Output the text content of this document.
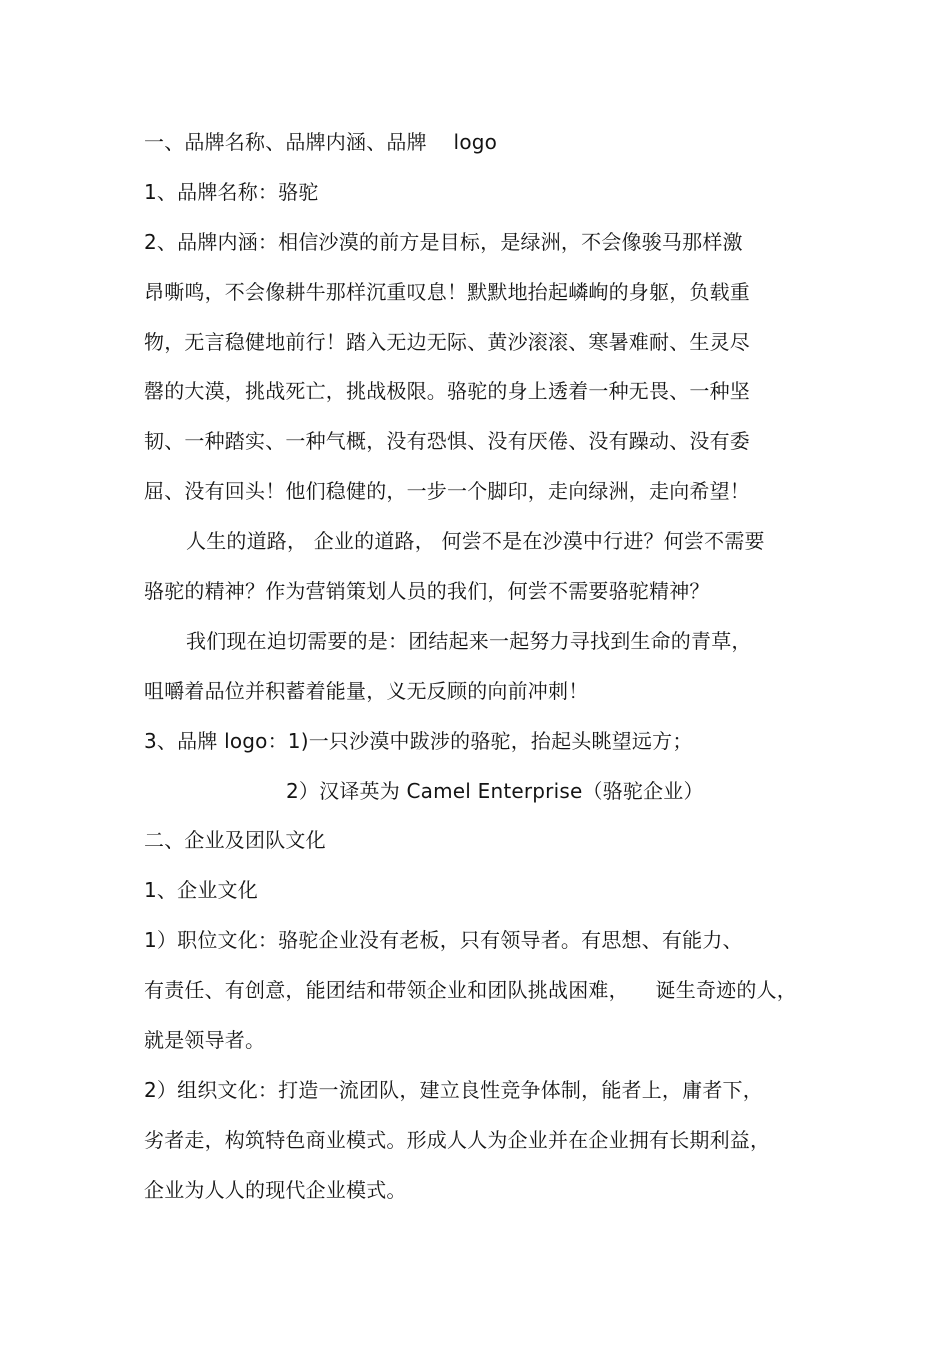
一、品牌名称、品牌内涵、品牌 　logo
1、品牌名称：骆驼
2、品牌内涵：相信沙漠的前方是目标，是绿洲，不会像骏马那样激
昂嘶鸣，不会像耕牛那样沉重叹息！默默地抬起嶙峋的身躯，负载重
物，无言稳健地前行！踏入无边无际、黄沙滚滚、寒暑难耐、生灵尽
罄的大漠，挑战死亡，挑战极限。骆驼的身上透着一种无畏、一种坚
韧、一种踏实、一种气概，没有恐惧、没有厌倦、没有躁动、没有委
屈、没有回头！他们稳健的，一步一个脚印，走向绿洲，走向希望！
人生的道路， 企业的道路， 何尝不是在沙漠中行进？何尝不需要
骆驼的精神？作为营销策划人员的我们，何尝不需要骆驼精神？
我们现在迫切需要的是：团结起来一起努力寻找到生命的青草，
咀嚼着品位并积蓄着能量，义无反顾的向前冲刺！
3、品牌 logo：1)一只沙漠中跋涉的骆驼，抬起头眺望远方；
2）汉译英为 Camel Enterprise（骆驼企业）
二、企业及团队文化
1、企业文化
1）职位文化：骆驼企业没有老板，只有领导者。有思想、有能力、
有责任、有创意，能团结和带领企业和团队挑战困难， 　诞生奇迹的人，
就是领导者。
2）组织文化：打造一流团队，建立良性竞争体制，能者上，庸者下，
劣者走，构筑特色商业模式。形成人人为企业并在企业拥有长期利益，
企业为人人的现代企业模式。
